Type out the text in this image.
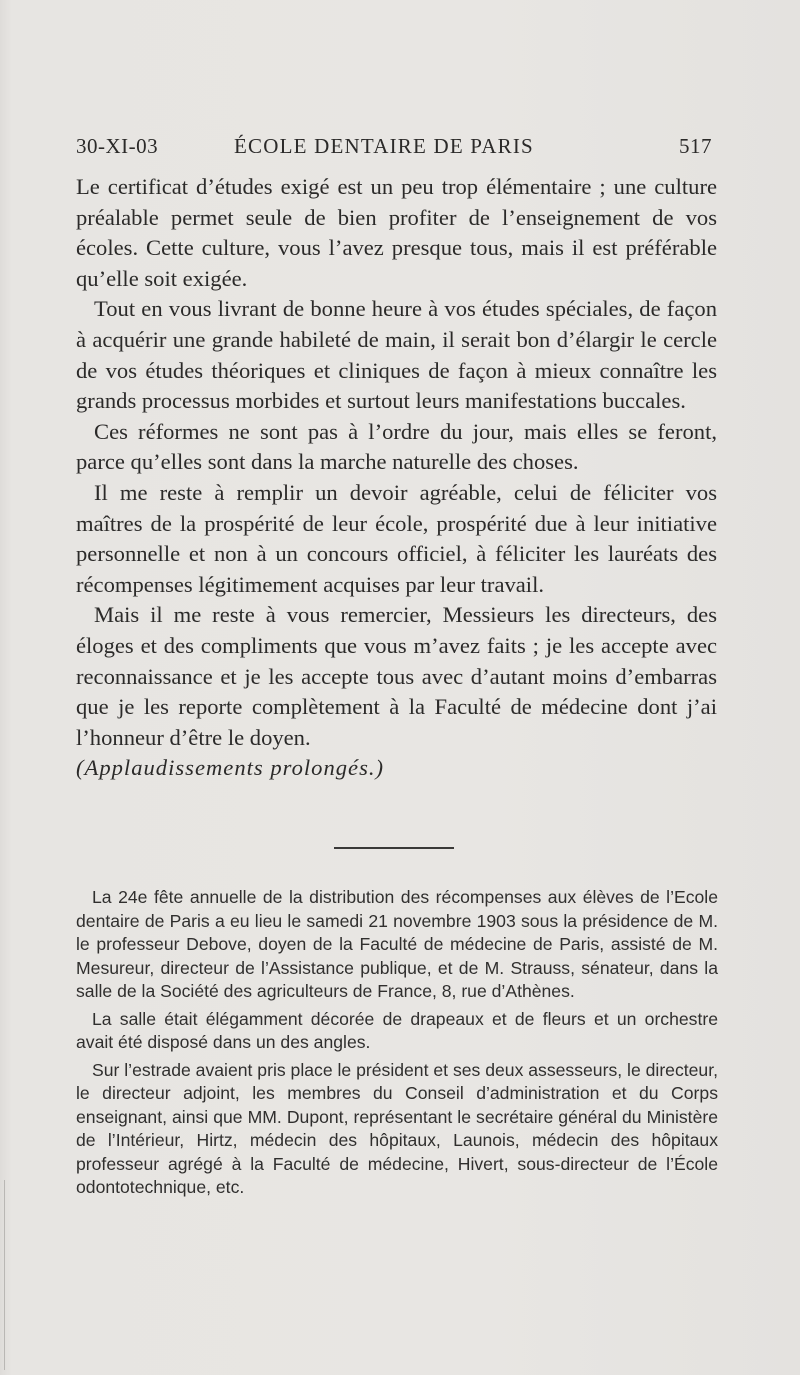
30-XI-03	ÉCOLE DENTAIRE DE PARIS	517

Le certificat d’études exigé est un peu trop élémentaire ; une culture préalable permet seule de bien profiter de l’enseignement de vos écoles. Cette culture, vous l’avez presque tous, mais il est préférable qu’elle soit exigée.

Tout en vous livrant de bonne heure à vos études spéciales, de façon à acquérir une grande habileté de main, il serait bon d’élargir le cercle de vos études théoriques et cliniques de façon à mieux connaître les grands processus morbides et surtout leurs manifestations buccales.

Ces réformes ne sont pas à l’ordre du jour, mais elles se feront, parce qu’elles sont dans la marche naturelle des choses.

Il me reste à remplir un devoir agréable, celui de féliciter vos maîtres de la prospérité de leur école, prospérité due à leur initiative personnelle et non à un concours officiel, à féliciter les lauréats des récompenses légitimement acquises par leur travail.

Mais il me reste à vous remercier, Messieurs les directeurs, des éloges et des compliments que vous m’avez faits ; je les accepte avec reconnaissance et je les accepte tous avec d’autant moins d’embarras que je les reporte complètement à la Faculté de médecine dont j’ai l’honneur d’être le doyen.

(Applaudissements prolongés.)

La 24e fête annuelle de la distribution des récompenses aux élèves de l’Ecole dentaire de Paris a eu lieu le samedi 21 novembre 1903 sous la présidence de M. le professeur Debove, doyen de la Faculté de médecine de Paris, assisté de M. Mesureur, directeur de l’Assistance publique, et de M. Strauss, sénateur, dans la salle de la Société des agriculteurs de France, 8, rue d’Athènes.

La salle était élégamment décorée de drapeaux et de fleurs et un orchestre avait été disposé dans un des angles.

Sur l’estrade avaient pris place le président et ses deux assesseurs, le directeur, le directeur adjoint, les membres du Conseil d’administration et du Corps enseignant, ainsi que MM. Dupont, représentant le secrétaire général du Ministère de l’Intérieur, Hirtz, médecin des hôpitaux, Launois, médecin des hôpitaux professeur agrégé à la Faculté de médecine, Hivert, sous-directeur de l’École odontotechnique, etc.
